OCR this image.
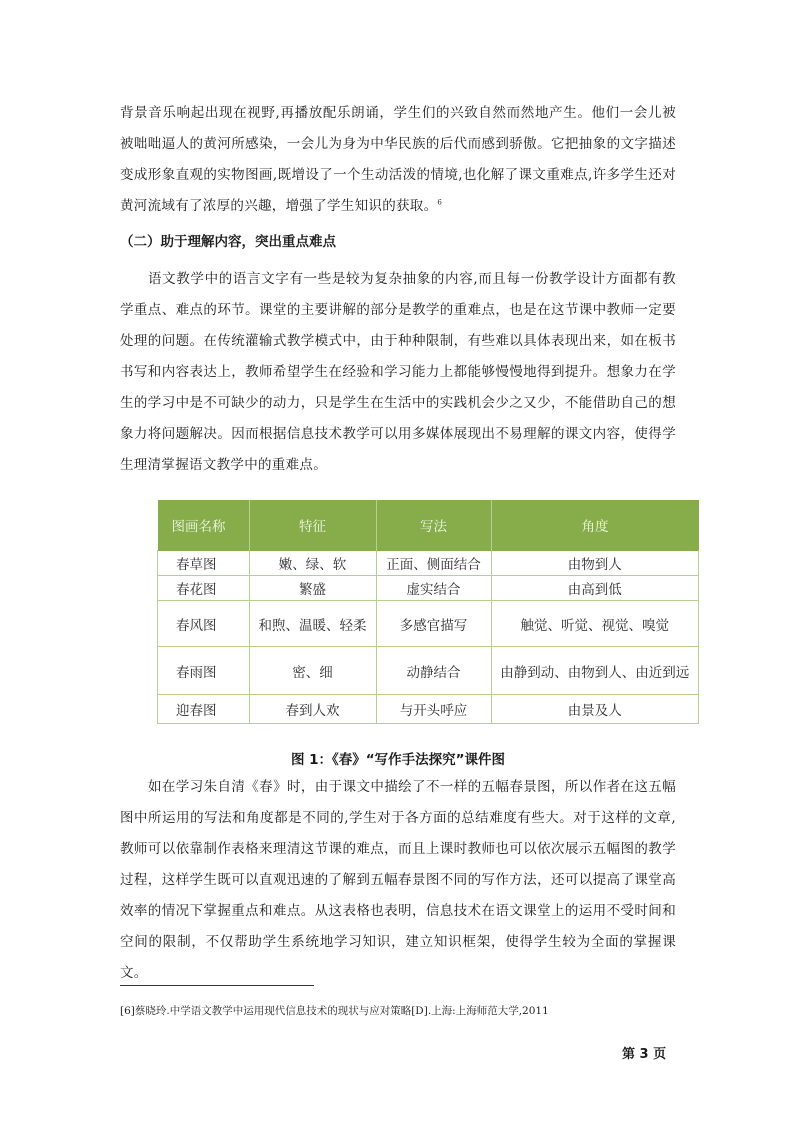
背景音乐响起出现在视野,再播放配乐朗诵，学生们的兴致自然而然地产生。他们一会儿被被咄咄逼人的黄河所感染，一会儿为身为中华民族的后代而感到骄傲。它把抽象的文字描述变成形象直观的实物图画,既增设了一个生动活泼的情境,也化解了课文重难点,许多学生还对黄河流域有了浓厚的兴趣，增强了学生知识的获取。$^6$
（二）助于理解内容，突出重点难点
语文教学中的语言文字有一些是较为复杂抽象的内容,而且每一份教学设计方面都有教学重点、难点的环节。课堂的主要讲解的部分是教学的重难点，也是在这节课中教师一定要处理的问题。在传统灌输式教学模式中，由于种种限制，有些难以具体表现出来，如在板书书写和内容表达上，教师希望学生在经验和学习能力上都能够慢慢地得到提升。想象力在学生的学习中是不可缺少的动力，只是学生在生活中的实践机会少之又少，不能借助自己的想象力将问题解决。因而根据信息技术教学可以用多媒体展现出不易理解的课文内容，使得学生理清掌握语文教学中的重难点。
图画名称	特征	写法	角度
春草图	嫩、绿、软	正面、侧面结合	由物到人
春花图	繁盛	虚实结合	由高到低
春风图	和煦、温暖、轻柔	多感官描写	触觉、听觉、视觉、嗅觉
春雨图	密、细	动静结合	由静到动、由物到人、由近到远
迎春图	春到人欢	与开头呼应	由景及人
图 1：《春》“写作手法探究”课件图
如在学习朱自清《春》时，由于课文中描绘了不一样的五幅春景图，所以作者在这五幅图中所运用的写法和角度都是不同的,学生对于各方面的总结难度有些大。对于这样的文章,教师可以依靠制作表格来理清这节课的难点，而且上课时教师也可以依次展示五幅图的教学过程，这样学生既可以直观迅速的了解到五幅春景图不同的写作方法，还可以提高了课堂高效率的情况下掌握重点和难点。从这表格也表明，信息技术在语文课堂上的运用不受时间和空间的限制，不仅帮助学生系统地学习知识，建立知识框架，使得学生较为全面的掌握课文。
[6]蔡晓玲.中学语文教学中运用现代信息技术的现状与应对策略[D].上海:上海师范大学,2011
第 3 页
